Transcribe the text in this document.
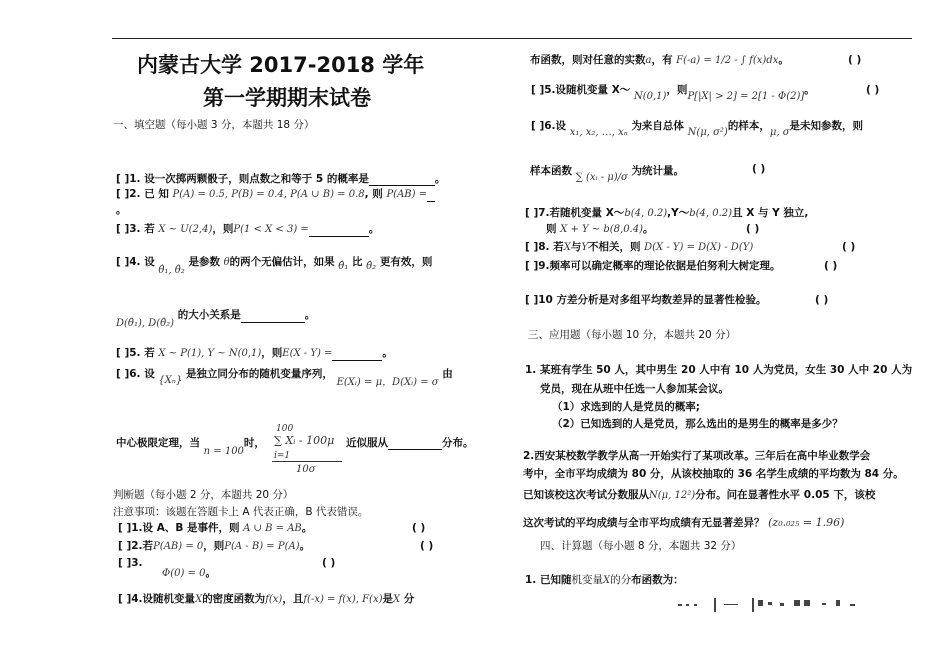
内蒙古大学 2017-2018 学年
第一学期期末试卷
一、填空题（每小题 3 分，本题共 18 分）
[ ]1. 设一次掷两颗骰子，则点数之和等于 5 的概率是	。
[ ]2. 已 知 P(A) = 0.5, P(B) = 0.4, P(A ∪ B) = 0.8, 则 P(AB) =
。
[ ]3. 若 X ~ U(2,4)，则P(1 < X < 3) =	。
[ ]4. 设 θ̂₁, θ̂₂ 是参数 θ的两个无偏估计，如果 θ̂₁ 比 θ̂₂ 更有效，则
D(θ̂₁), D(θ̂₂) 的大小关系是	。
[ ]5. 若 X ~ P(1), Y ~ N(0,1)，则E(X - Y) =	。
[ ]6. 设 {Xₙ} 是独立同分布的随机变量序列， E(Xᵢ) = μ，D(Xᵢ) = σ 由
中心极限定理，当 n = 100时，
100
∑ Xᵢ - 100μ
i=1
10σ
近似服从	分布。
判断题（每小题 2 分，本题共 20 分）
注意事项：该题在答题卡上 A 代表正确，B 代表错误。
[ ]1.设 A、B 是事件，则 A ∪ B = AB。	( )
[ ]2.若P(AB) = 0，则P(A - B) = P(A)。	( )
[ ]3.
Φ(0) = 0。
( )
[ ]4.设随机变量X的密度函数为f(x)，且f(-x) = f(x), F(x)是X 分
布函数，则对任意的实数a，有 F(-a) = 1/2 - ∫ f(x)dx。	( )
[ ]5.设随机变量 X～ N(0,1)，则P[|X| > 2] = 2[1 - Φ(2)]。	( )
[ ]6.设 x₁, x₂, …, xₙ 为来自总体 N(μ, σ²)的样本，μ, σ是未知参数，则
样本函数 ∑ (xᵢ - μ)/σ 为统计量。	( )
[ ]7.若随机变量 X～b(4, 0.2),Y～b(4, 0.2)且 X 与 Y 独立,
则 X + Y ~ b(8,0.4)。	( )
[ ]8. 若X与Y不相关，则 D(X - Y) = D(X) - D(Y)	( )
[ ]9.频率可以确定概率的理论依据是伯努利大树定理。	( )
[ ]10 方差分析是对多组平均数差异的显著性检验。	( )
三、应用题（每小题 10 分，本题共 20 分）
1. 某班有学生 50 人，其中男生 20 人中有 10 人为党员，女生 30 人中 20 人为
党员，现在从班中任选一人参加某会议。
（1）求选到的人是党员的概率;
（2）已知选到的人是党员，那么选出的是男生的概率是多少？
2.西安某校数学教学从高一开始实行了某项改革。三年后在高中毕业数学会
考中，全市平均成绩为 80 分，从该校抽取的 36 名学生成绩的平均数为 84 分。
已知该校这次考试分数服从N(μ, 12²)分布。问在显著性水平 0.05 下，该校
这次考试的平均成绩与全市平均成绩有无显著差异？ (z₀.₀₂₅ = 1.96)
四、计算题（每小题 8 分，本题共 32 分）
1. 已知随机变量X的分布函数为：
